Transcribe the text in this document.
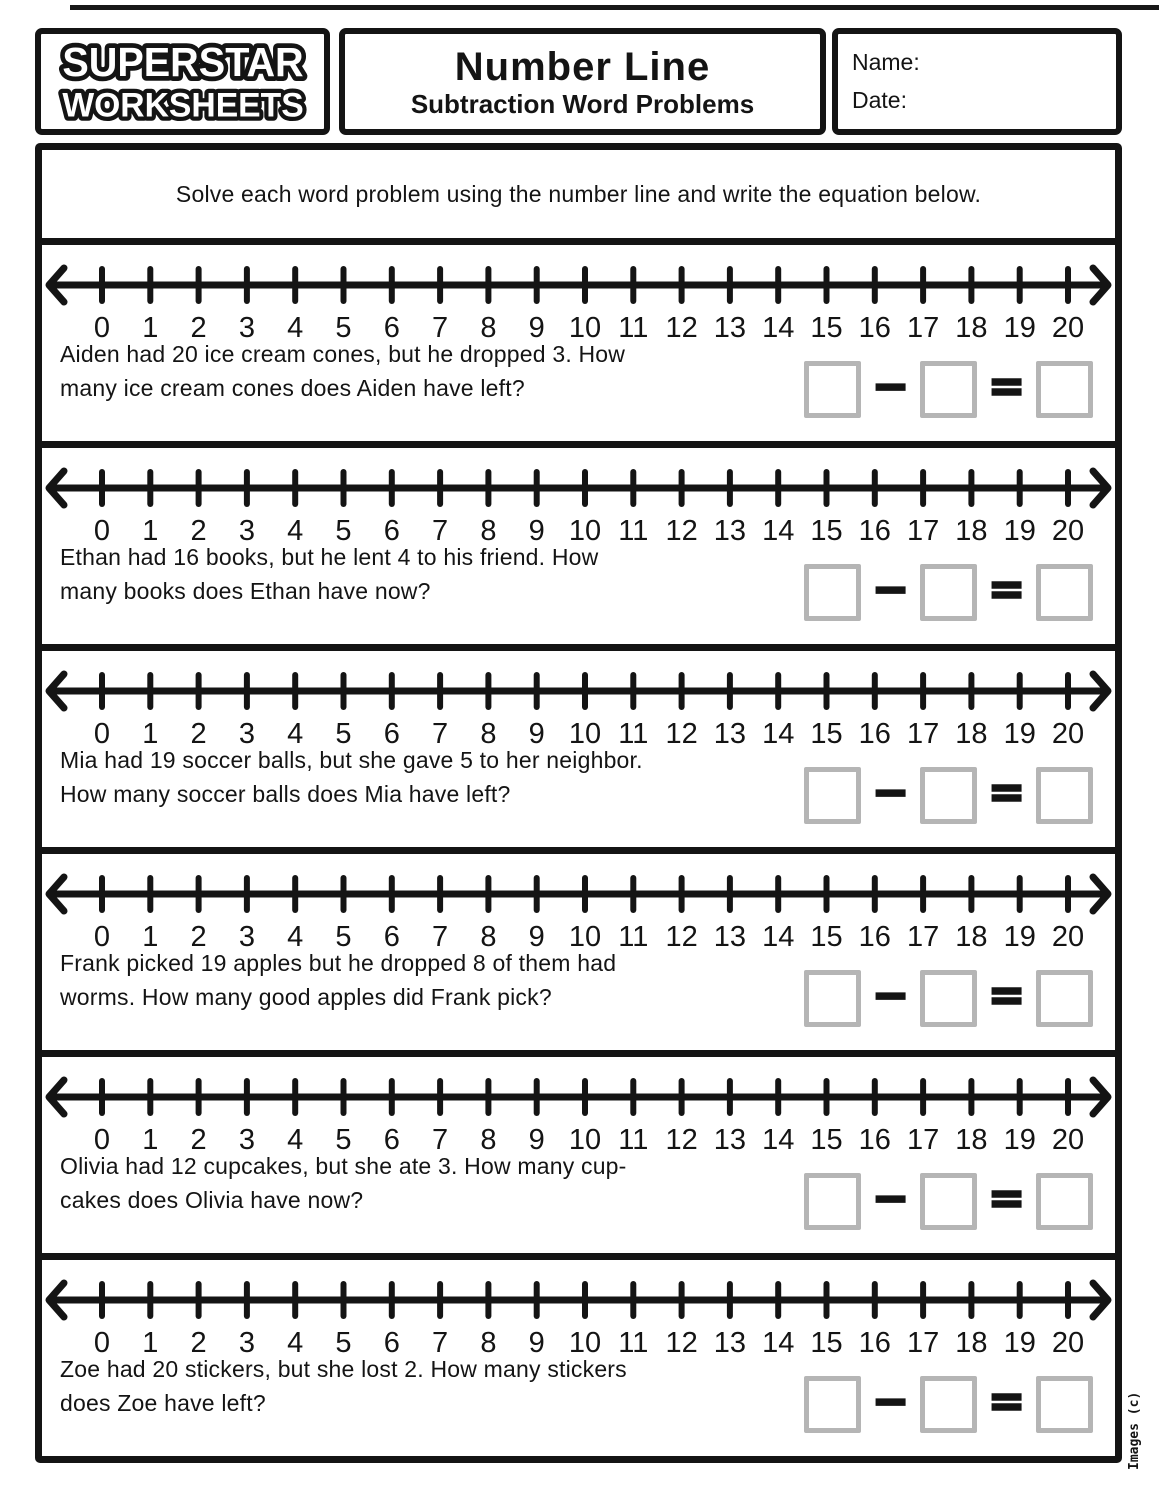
SUPERSTAR
WORKSHEETS
Number Line
Subtraction Word Problems
Name:
Date:
Solve each word problem using the number line and write the equation below.
0 1 2 3 4 5 6 7 8 9 10 11 12 13 14 15 16 17 18 19 20
Aiden had 20 ice cream cones, but he dropped 3. How
many ice cream cones does Aiden have left?	− =
0 1 2 3 4 5 6 7 8 9 10 11 12 13 14 15 16 17 18 19 20
Ethan had 16 books, but he lent 4 to his friend. How
many books does Ethan have now?	− =
0 1 2 3 4 5 6 7 8 9 10 11 12 13 14 15 16 17 18 19 20
Mia had 19 soccer balls, but she gave 5 to her neighbor.
How many soccer balls does Mia have left?	− =
0 1 2 3 4 5 6 7 8 9 10 11 12 13 14 15 16 17 18 19 20
Frank picked 19 apples but he dropped 8 of them had
worms. How many good apples did Frank pick?	− =
0 1 2 3 4 5 6 7 8 9 10 11 12 13 14 15 16 17 18 19 20
Olivia had 12 cupcakes, but she ate 3. How many cup-
cakes does Olivia have now?	− =
0 1 2 3 4 5 6 7 8 9 10 11 12 13 14 15 16 17 18 19 20
Zoe had 20 stickers, but she lost 2. How many stickers
does Zoe have left?	− =	Images (c)
